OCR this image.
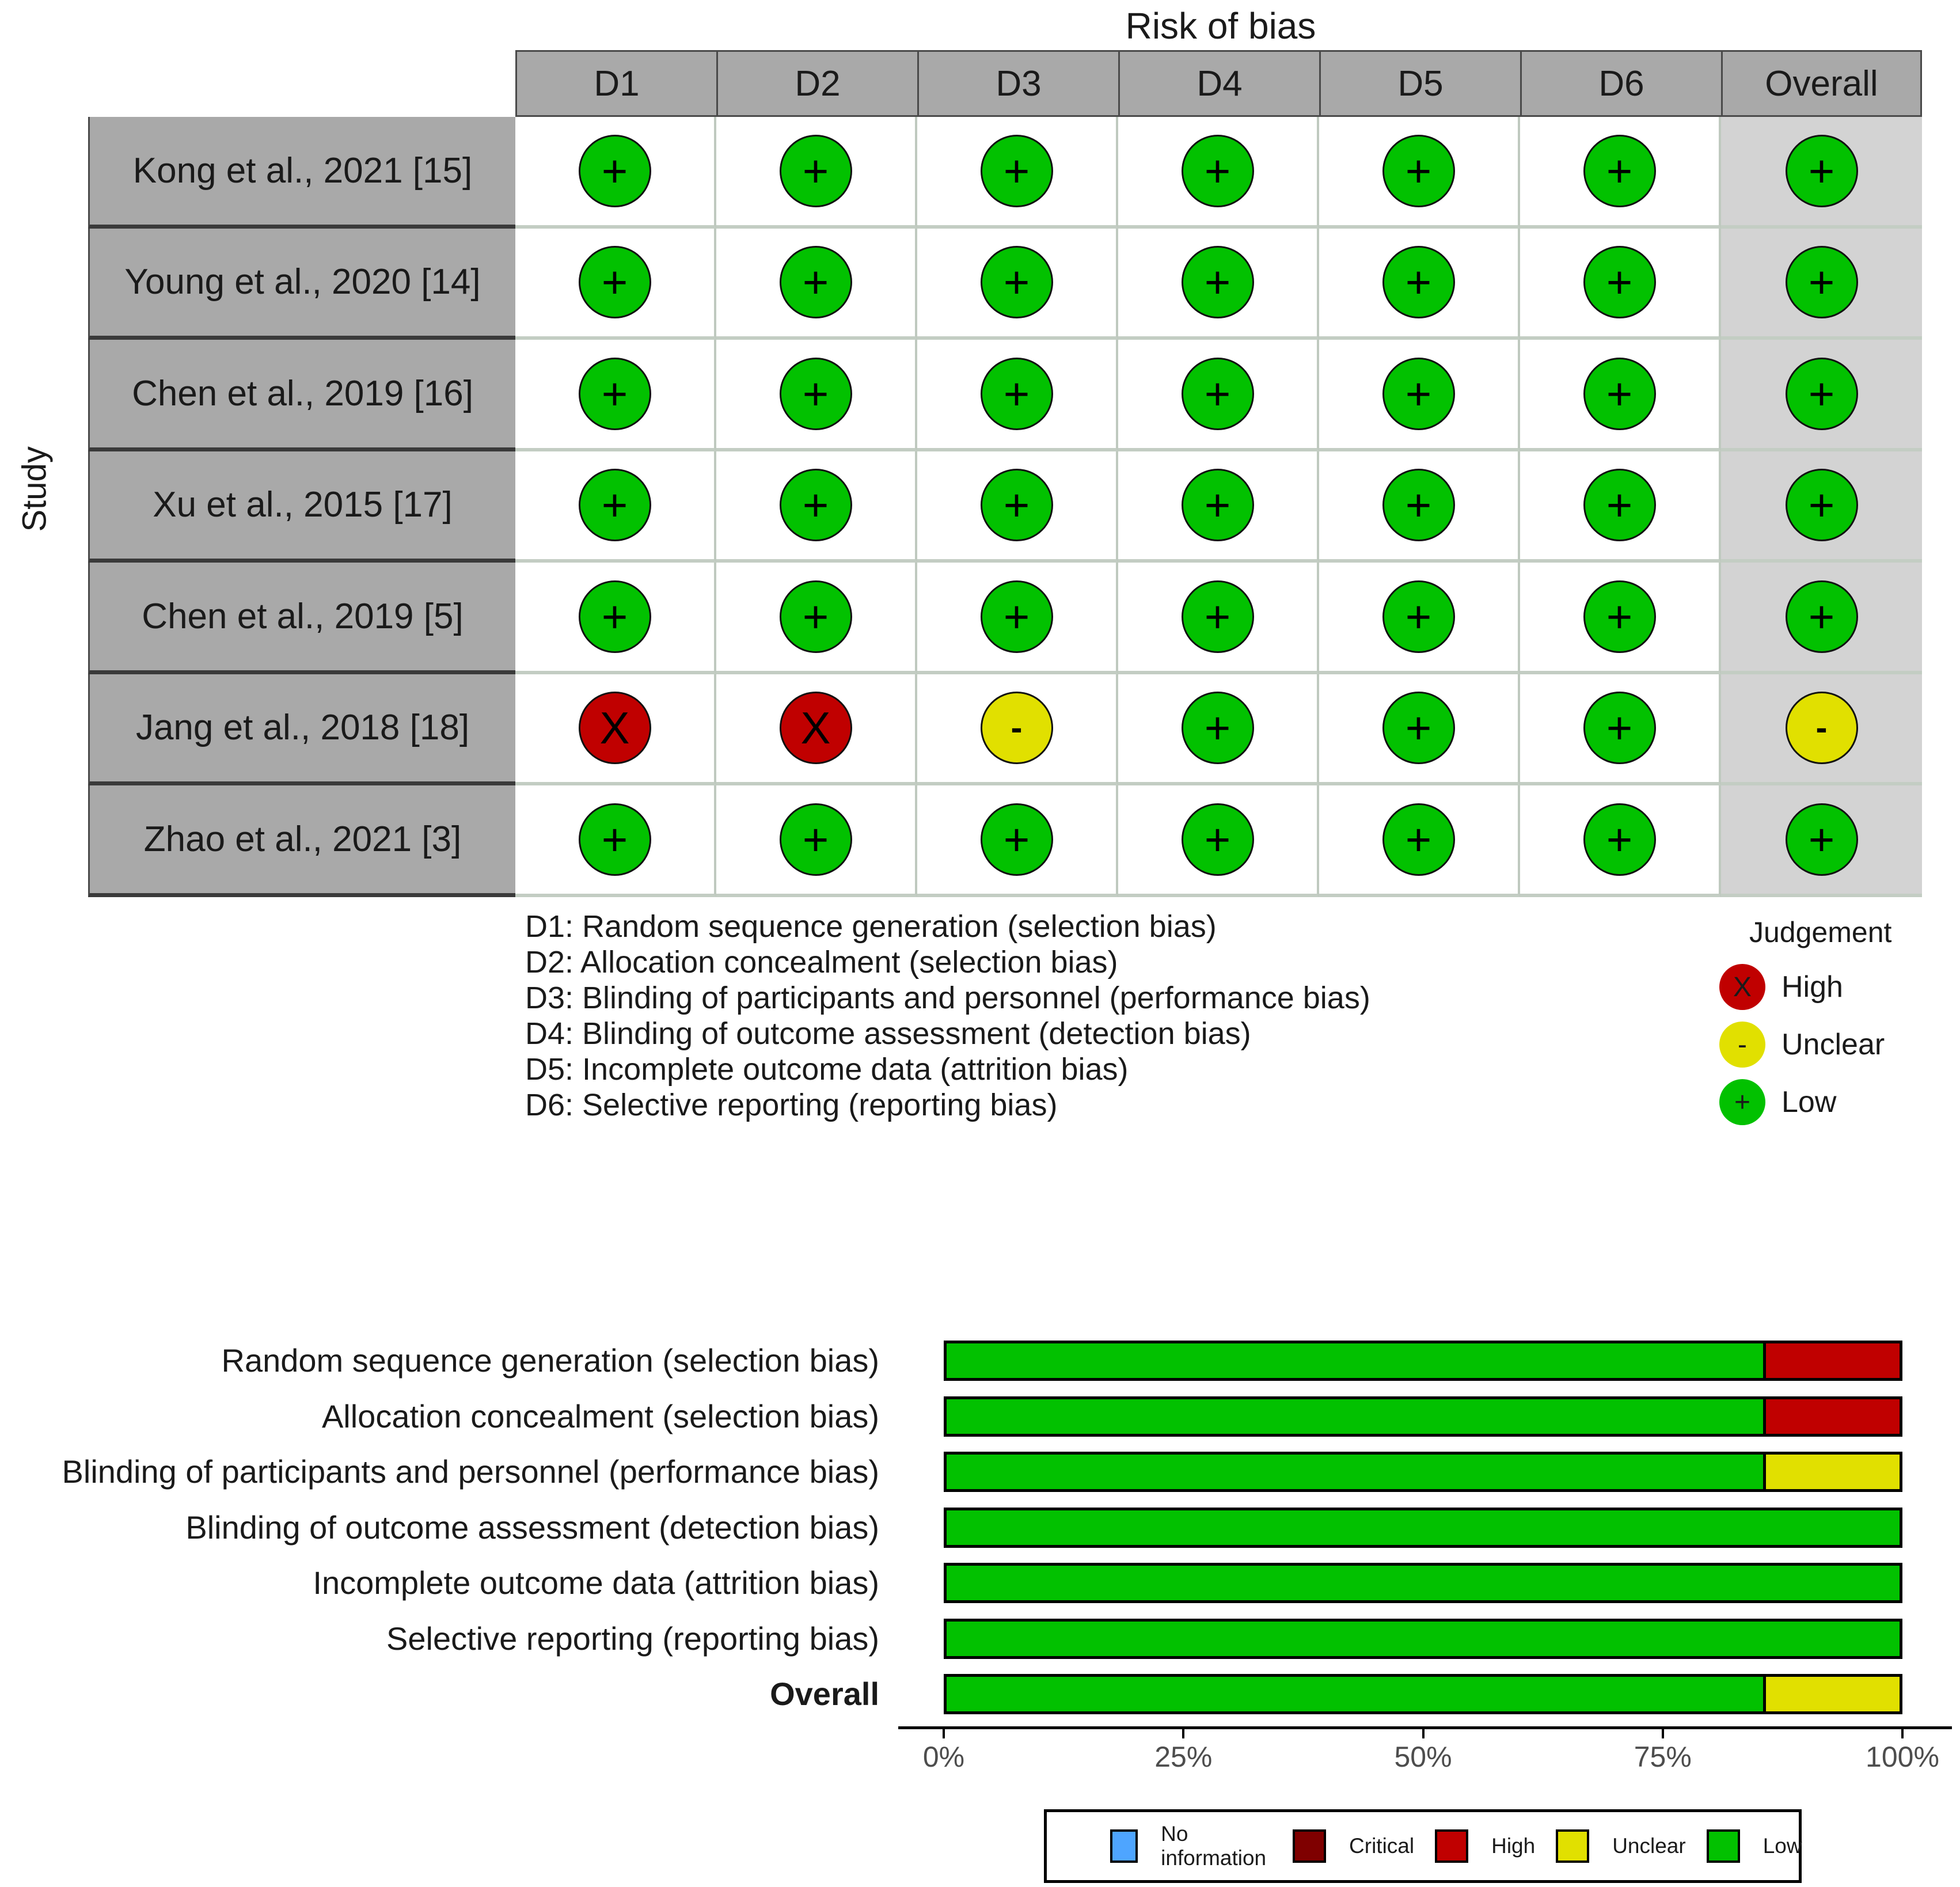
Risk of bias
Study
D1	D2	D3	D4	D5	D6	Overall
Kong et al., 2021 [15]	+	+	+	+	+	+	+
Young et al., 2020 [14]	+	+	+	+	+	+	+
Chen et al., 2019 [16]	+	+	+	+	+	+	+
Xu et al., 2015 [17]	+	+	+	+	+	+	+
Chen et al., 2019 [5]	+	+	+	+	+	+	+
Jang et al., 2018 [18]	X	X	-	+	+	+	-
Zhao et al., 2021 [3]	+	+	+	+	+	+	+
D1: Random sequence generation (selection bias)
D2: Allocation concealment (selection bias)
D3: Blinding of participants and personnel (performance bias)
D4: Blinding of outcome assessment (detection bias)
D5: Incomplete outcome data (attrition bias)
D6: Selective reporting (reporting bias)
Judgement
X	High
-	Unclear
+	Low
Random sequence generation (selection bias)
Allocation concealment (selection bias)
Blinding of participants and personnel (performance bias)
Blinding of outcome assessment (detection bias)
Incomplete outcome data (attrition bias)
Selective reporting (reporting bias)
Overall
0%	25%	50%	75%	100%
No information
Critical	High	Unclear	Low
